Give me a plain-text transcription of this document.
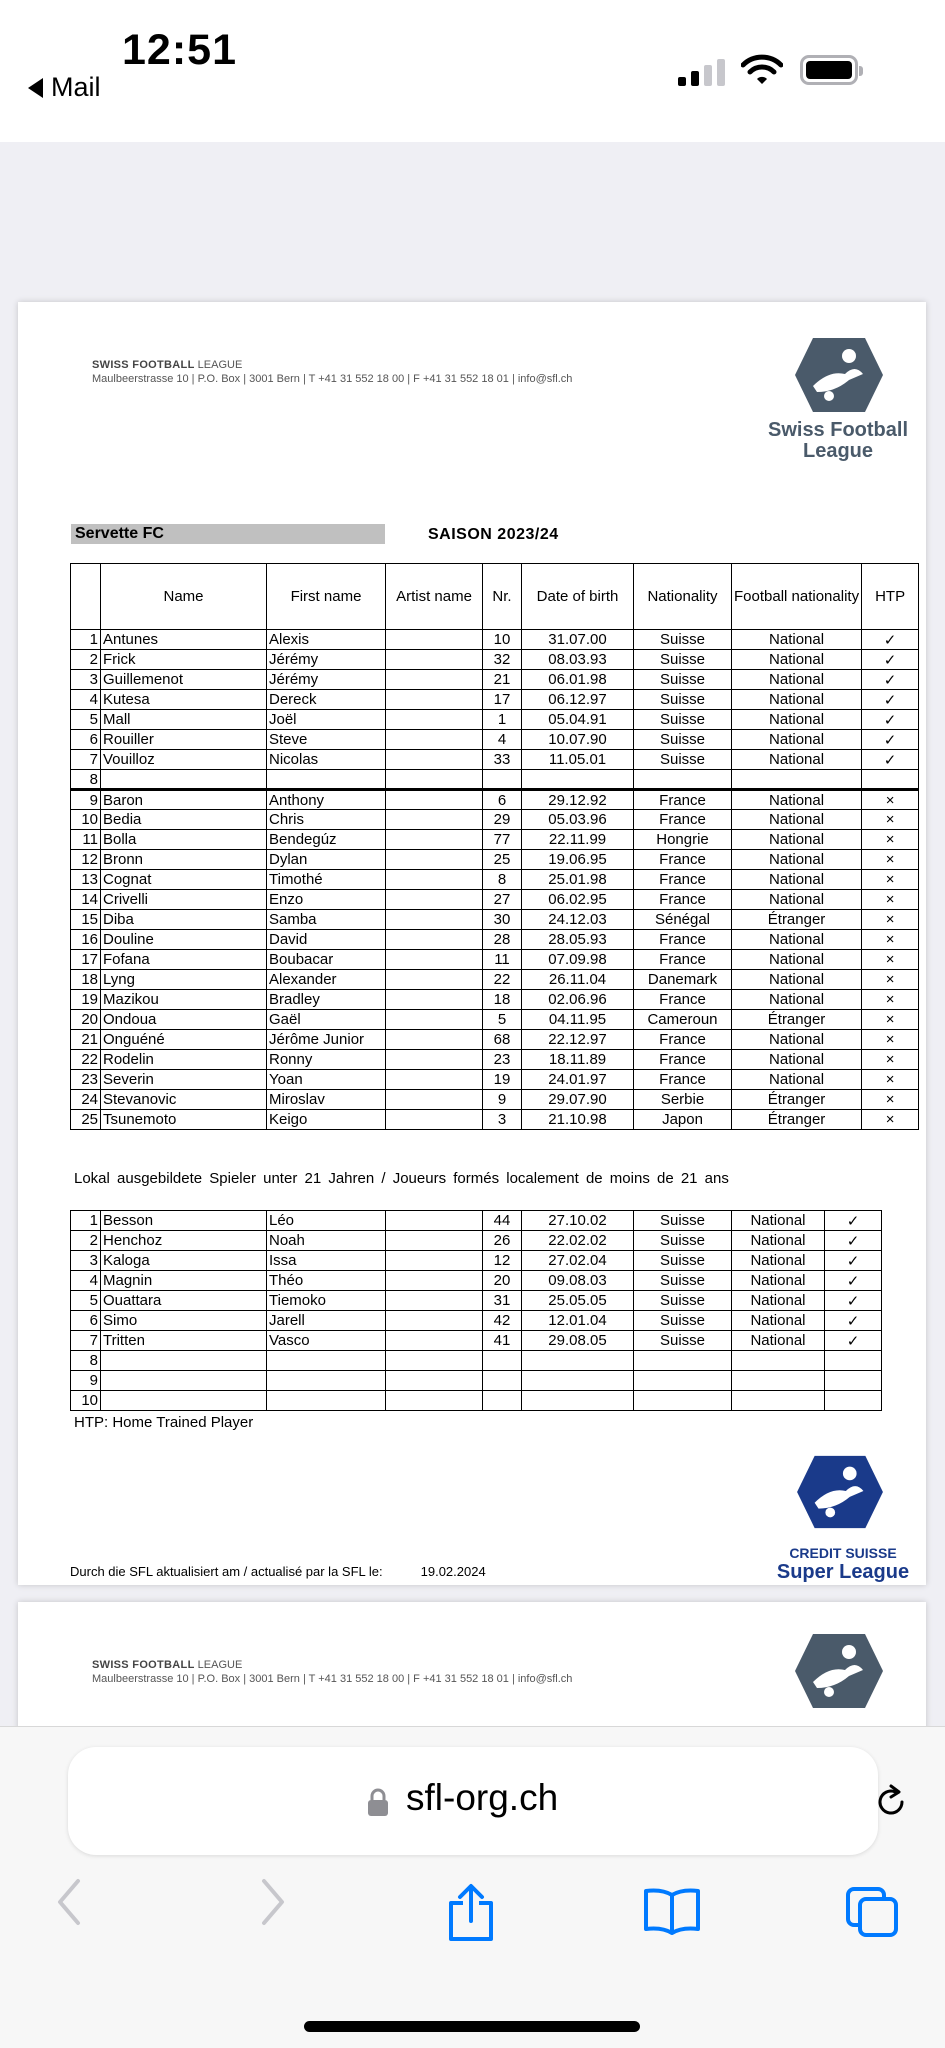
12:51
Mail
SWISS FOOTBALL LEAGUE
Maulbeerstrasse 10 | P.O. Box | 3001 Bern | T +41 31 552 18 00 | F +41 31 552 18 01 | info@sfl.ch
Swiss Football
League
Servette FC	SAISON 2023/24
	Name	First name	Artist name	Nr.	Date of birth	Nationality	Football nationality	HTP
1	Antunes	Alexis		10	31.07.00	Suisse	National	✓
2	Frick	Jérémy		32	08.03.93	Suisse	National	✓
3	Guillemenot	Jérémy		21	06.01.98	Suisse	National	✓
4	Kutesa	Dereck		17	06.12.97	Suisse	National	✓
5	Mall	Joël		1	05.04.91	Suisse	National	✓
6	Rouiller	Steve		4	10.07.90	Suisse	National	✓
7	Vouilloz	Nicolas		33	11.05.01	Suisse	National	✓
8								
9	Baron	Anthony		6	29.12.92	France	National	×
10	Bedia	Chris		29	05.03.96	France	National	×
11	Bolla	Bendegúz		77	22.11.99	Hongrie	National	×
12	Bronn	Dylan		25	19.06.95	France	National	×
13	Cognat	Timothé		8	25.01.98	France	National	×
14	Crivelli	Enzo		27	06.02.95	France	National	×
15	Diba	Samba		30	24.12.03	Sénégal	Étranger	×
16	Douline	David		28	28.05.93	France	National	×
17	Fofana	Boubacar		11	07.09.98	France	National	×
18	Lyng	Alexander		22	26.11.04	Danemark	National	×
19	Mazikou	Bradley		18	02.06.96	France	National	×
20	Ondoua	Gaël		5	04.11.95	Cameroun	Étranger	×
21	Onguéné	Jérôme Junior		68	22.12.97	France	National	×
22	Rodelin	Ronny		23	18.11.89	France	National	×
23	Severin	Yoan		19	24.01.97	France	National	×
24	Stevanovic	Miroslav		9	29.07.90	Serbie	Étranger	×
25	Tsunemoto	Keigo		3	21.10.98	Japon	Étranger	×
Lokal ausgebildete Spieler unter 21 Jahren / Joueurs formés localement de moins de 21 ans
1	Besson	Léo		44	27.10.02	Suisse	National	✓
2	Henchoz	Noah		26	22.02.02	Suisse	National	✓
3	Kaloga	Issa		12	27.02.04	Suisse	National	✓
4	Magnin	Théo		20	09.08.03	Suisse	National	✓
5	Ouattara	Tiemoko		31	25.05.05	Suisse	National	✓
6	Simo	Jarell		42	12.01.04	Suisse	National	✓
7	Tritten	Vasco		41	29.08.05	Suisse	National	✓
8								
9								
10								
HTP: Home Trained Player
Durch die SFL aktualisiert am / actualisé par la SFL le:	19.02.2024
CREDIT SUISSE
Super League
SWISS FOOTBALL LEAGUE
Maulbeerstrasse 10 | P.O. Box | 3001 Bern | T +41 31 552 18 00 | F +41 31 552 18 01 | info@sfl.ch
sfl-org.ch
